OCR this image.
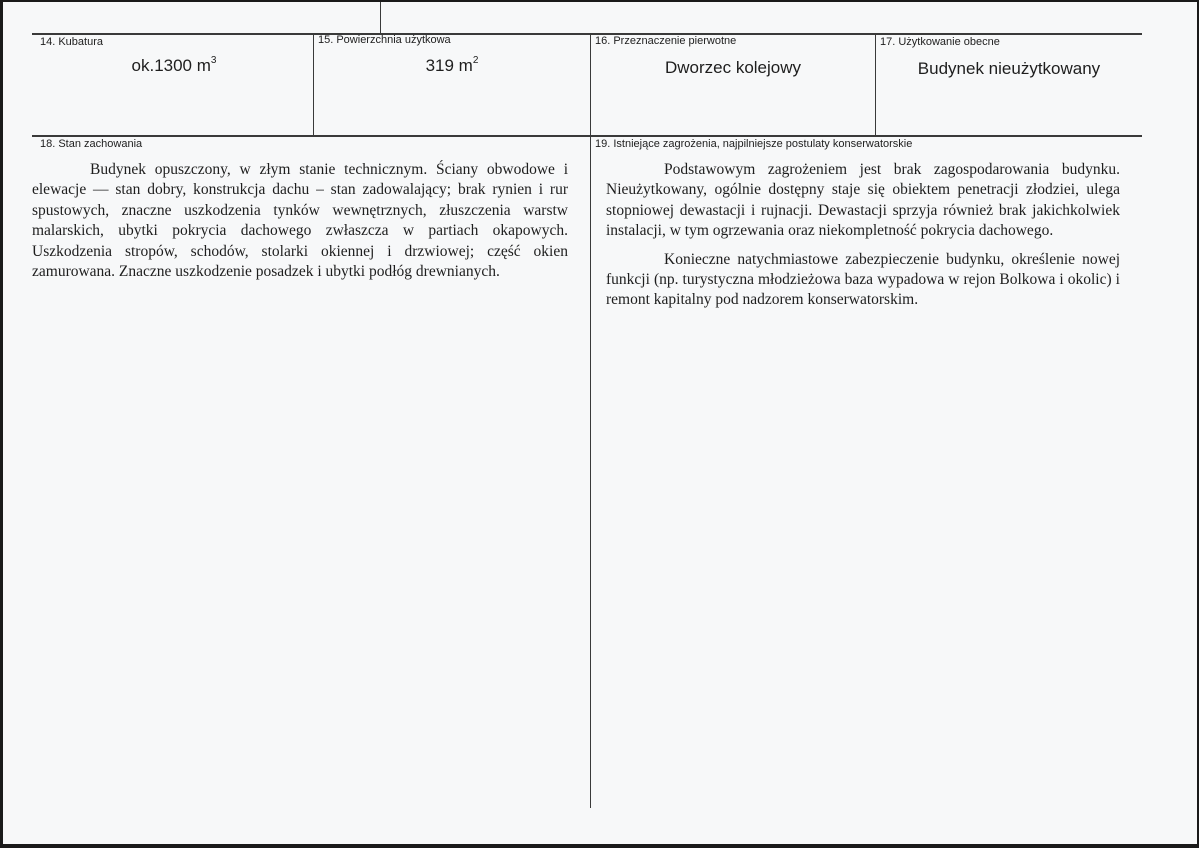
14. Kubatura
ok.1300 $m^3$
15. Powierzchnia użytkowa
319 $m^2$
16. Przeznaczenie pierwotne
Dworzec kolejowy
17. Użytkowanie obecne
Budynek nieużytkowany
18. Stan zachowania

Budynek opuszczony, w złym stanie technicznym. Ściany obwodowe i elewacje — stan dobry, konstrukcja dachu – stan zadowalający; brak rynien i rur spustowych, znaczne uszkodzenia tynków wewnętrznych, złuszczenia warstw malarskich, ubytki pokrycia dachowego zwłaszcza w partiach okapowych. Uszkodzenia stropów, schodów, stolarki okiennej i drzwiowej; część okien zamurowana. Znaczne uszkodzenie posadzek i ubytki podłóg drewnianych.

19. Istniejące zagrożenia, najpilniejsze postulaty konserwatorskie

Podstawowym zagrożeniem jest brak zagospodarowania budynku. Nieużytkowany, ogólnie dostępny staje się obiektem penetracji złodziei, ulega stopniowej dewastacji i rujnacji. Dewastacji sprzyja również brak jakichkolwiek instalacji, w tym ogrzewania oraz niekompletność pokrycia dachowego.

Konieczne natychmiastowe zabezpieczenie budynku, określenie nowej funkcji (np. turystyczna młodzieżowa baza wypadowa w rejon Bolkowa i okolic) i remont kapitalny pod nadzorem konserwatorskim.
